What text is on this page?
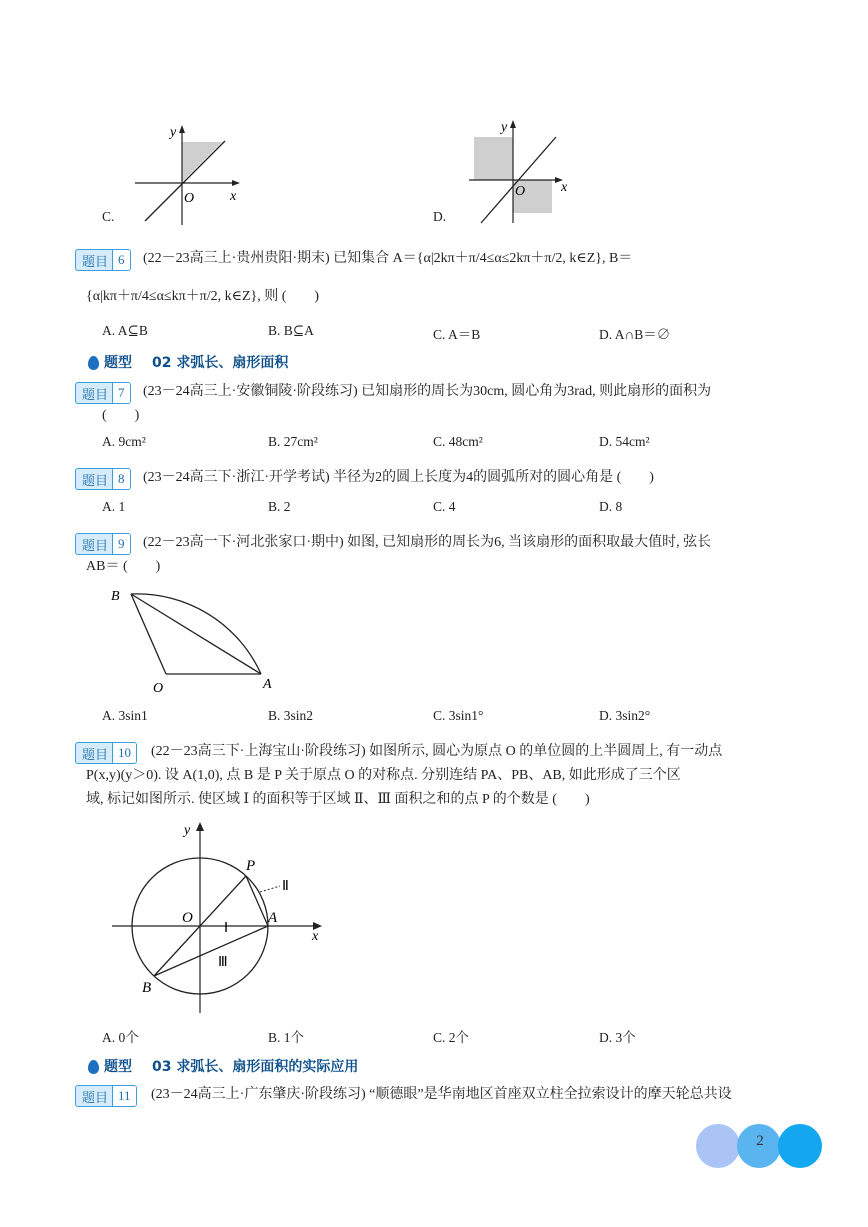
y
x
O
C.
y
x
O
D.
题目 6	(22－23高三上·贵州贵阳·期末) 已知集合 A＝{α|2kπ＋π/4≤α≤2kπ＋π/2, k∈Z}, B＝
{α|kπ＋π/4≤α≤kπ＋π/2, k∈Z}, 则 (　　)
A. A⊆B	B. B⊆A	C. A＝B	D. A∩B＝∅
题型 02 求弧长、扇形面积
题目 7	(23－24高三上·安徽铜陵·阶段练习) 已知扇形的周长为30cm, 圆心角为3rad, 则此扇形的面积为
(　　)
A. 9cm²	B. 27cm²	C. 48cm²	D. 54cm²
题目 8	(23－24高三下·浙江·开学考试) 半径为2的圆上长度为4的圆弧所对的圆心角是 (　　)
A. 1	B. 2	C. 4	D. 8
题目 9	(22－23高一下·河北张家口·期中) 如图, 已知扇形的周长为6, 当该扇形的面积取最大值时, 弦长
AB＝ (　　)
B
O	A
A. 3sin1	B. 3sin2	C. 3sin1°	D. 3sin2°
题目 10	(22－23高三下·上海宝山·阶段练习) 如图所示, 圆心为原点 O 的单位圆的上半圆周上, 有一动点
P(x,y)(y＞0). 设 A(1,0), 点 B 是 P 关于原点 O 的对称点. 分别连结 PA、PB、AB, 如此形成了三个区
域, 标记如图所示. 使区域 Ⅰ 的面积等于区域 Ⅱ、Ⅲ 面积之和的点 P 的个数是 (　　)
y
x
P
O	A
B
Ⅰ
Ⅱ
Ⅲ
A. 0个	B. 1个	C. 2个	D. 3个
题型 03 求弧长、扇形面积的实际应用
题目 11	(23－24高三上·广东肇庆·阶段练习) “顺德眼”是华南地区首座双立柱全拉索设计的摩天轮总共设
2
